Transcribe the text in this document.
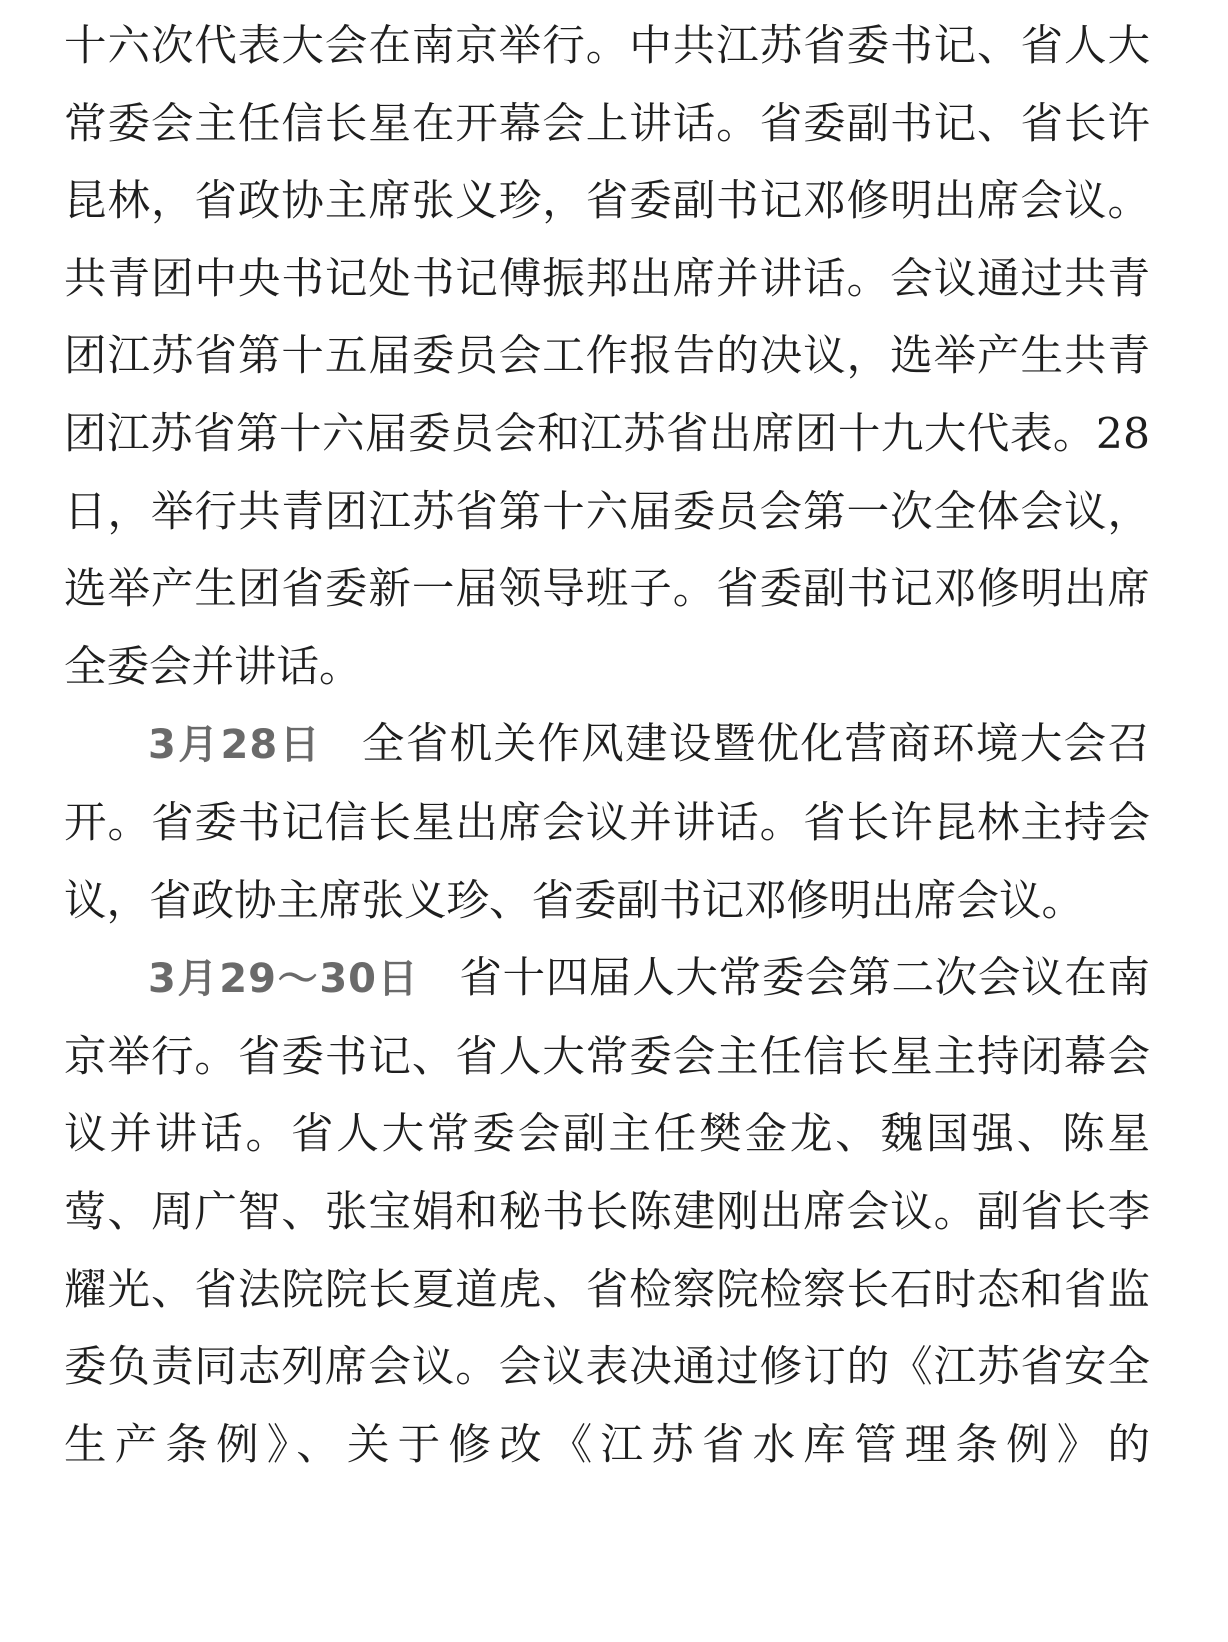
十六次代表大会在南京举行。中共江苏省委书记、省人大常委会主任信长星在开幕会上讲话。省委副书记、省长许昆林，省政协主席张义珍，省委副书记邓修明出席会议。共青团中央书记处书记傅振邦出席并讲话。会议通过共青团江苏省第十五届委员会工作报告的决议，选举产生共青团江苏省第十六届委员会和江苏省出席团十九大代表。28日，举行共青团江苏省第十六届委员会第一次全体会议，选举产生团省委新一届领导班子。省委副书记邓修明出席全委会并讲话。

3月28日 全省机关作风建设暨优化营商环境大会召开。省委书记信长星出席会议并讲话。省长许昆林主持会议，省政协主席张义珍、省委副书记邓修明出席会议。

3月29～30日 省十四届人大常委会第二次会议在南京举行。省委书记、省人大常委会主任信长星主持闭幕会议并讲话。省人大常委会副主任樊金龙、魏国强、陈星莺、周广智、张宝娟和秘书长陈建刚出席会议。副省长李耀光、省法院院长夏道虎、省检察院检察长石时态和省监委负责同志列席会议。会议表决通过修订的《江苏省安全生产条例》、关于修改《江苏省水库管理条例》的
